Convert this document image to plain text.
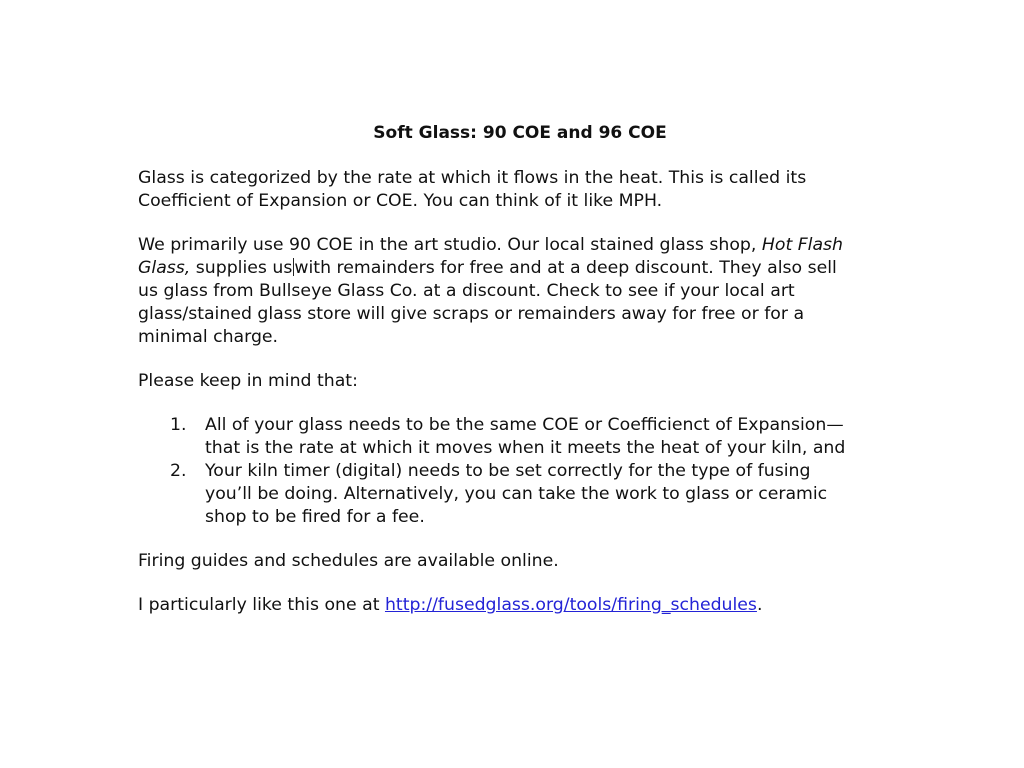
Soft Glass: 90 COE and 96 COE
Glass is categorized by the rate at which it flows in the heat. This is called its
Coefficient of Expansion or COE. You can think of it like MPH.
We primarily use 90 COE in the art studio. Our local stained glass shop, Hot Flash
Glass, supplies us with remainders for free and at a deep discount. They also sell
us glass from Bullseye Glass Co. at a discount. Check to see if your local art
glass/stained glass store will give scraps or remainders away for free or for a
minimal charge.
Please keep in mind that:
1. All of your glass needs to be the same COE or Coefficienct of Expansion—
that is the rate at which it moves when it meets the heat of your kiln, and
2. Your kiln timer (digital) needs to be set correctly for the type of fusing
you’ll be doing. Alternatively, you can take the work to glass or ceramic
shop to be fired for a fee.
Firing guides and schedules are available online.
I particularly like this one at http://fusedglass.org/tools/firing_schedules.
